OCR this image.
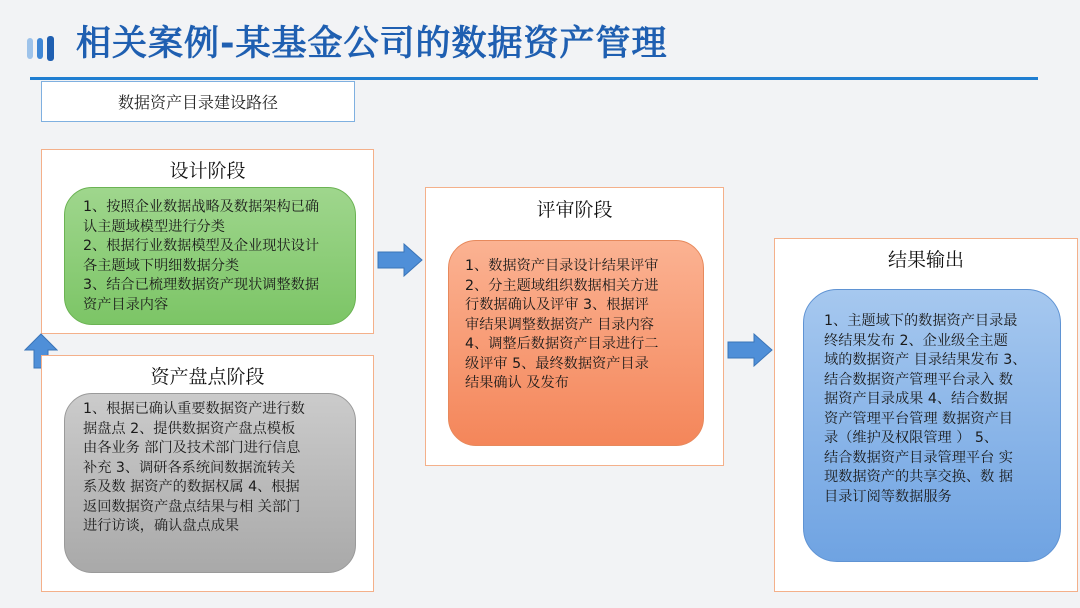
相关案例-某基金公司的数据资产管理
数据资产目录建设路径
设计阶段

1、按照企业数据战略及数据架构已确

认主题域模型进行分类

2、根据行业数据模型及企业现状设计

各主题域下明细数据分类

3、结合已梳理数据资产现状调整数据

资产目录内容

资产盘点阶段

1、根据已确认重要数据资产进行数

据盘点 2、提供数据资产盘点模板

由各业务 部门及技术部门进行信息

补充 3、调研各系统间数据流转关

系及数 据资产的数据权属 4、根据

返回数据资产盘点结果与相 关部门

进行访谈，确认盘点成果

评审阶段

1、数据资产目录设计结果评审

2、分主题域组织数据相关方进

行数据确认及评审 3、根据评

审结果调整数据资产 目录内容

4、调整后数据资产目录进行二

级评审 5、最终数据资产目录

结果确认 及发布

结果输出

1、主题域下的数据资产目录最

终结果发布 2、企业级全主题

域的数据资产 目录结果发布 3、

结合数据资产管理平台录入 数

据资产目录成果 4、结合数据

资产管理平台管理 数据资产目

录（维护及权限管理 ） 5、

结合数据资产目录管理平台 实

现数据资产的共享交换、数 据

目录订阅等数据服务
